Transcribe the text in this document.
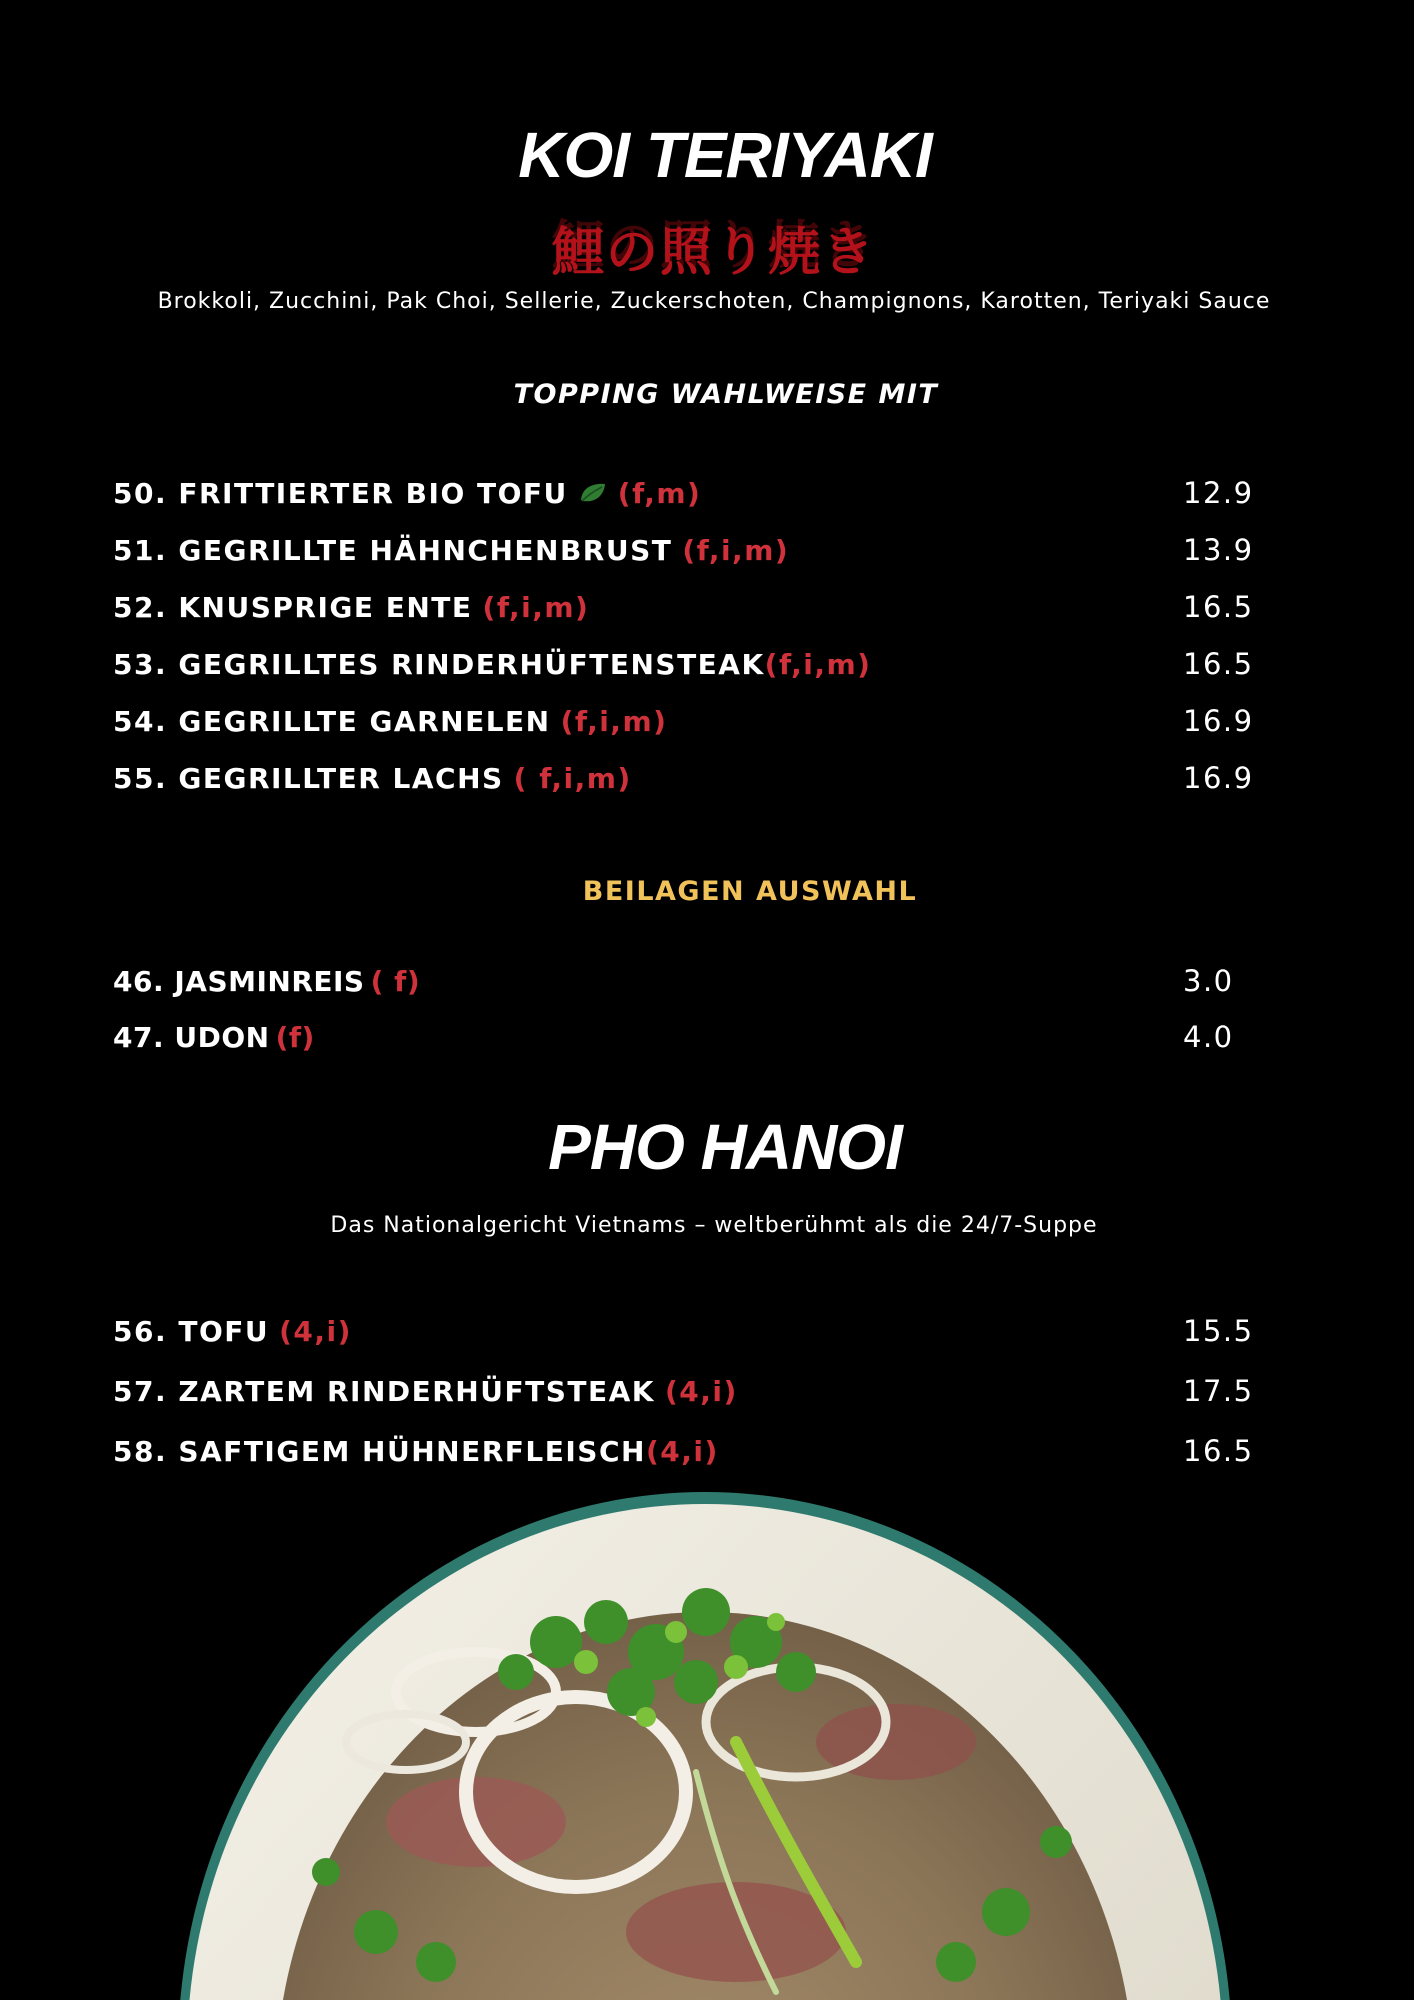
KOI TERIYAKI
鯉の照り焼き
Brokkoli, Zucchini, Pak Choi, Sellerie, Zuckerschoten, Champignons, Karotten, Teriyaki Sauce
TOPPING WAHLWEISE MIT
50. FRITTIERTER BIO TOFU (f,m)	12.9
51. GEGRILLTE HÄHNCHENBRUST (f,i,m)	13.9
52. KNUSPRIGE ENTE (f,i,m)	16.5
53. GEGRILLTES RINDERHÜFTENSTEAK (f,i,m)	16.5
54. GEGRILLTE GARNELEN (f,i,m)	16.9
55. GEGRILLTER LACHS ( f,i,m)	16.9
BEILAGEN AUSWAHL
46. JASMINREIS ( f)	3.0
47. UDON (f)	4.0
PHO HANOI
Das Nationalgericht Vietnams – weltberühmt als die 24/7-Suppe
56. TOFU (4,i)	15.5
57. ZARTEM RINDERHÜFTSTEAK (4,i)	17.5
58. SAFTIGEM HÜHNERFLEISCH (4,i)	16.5
